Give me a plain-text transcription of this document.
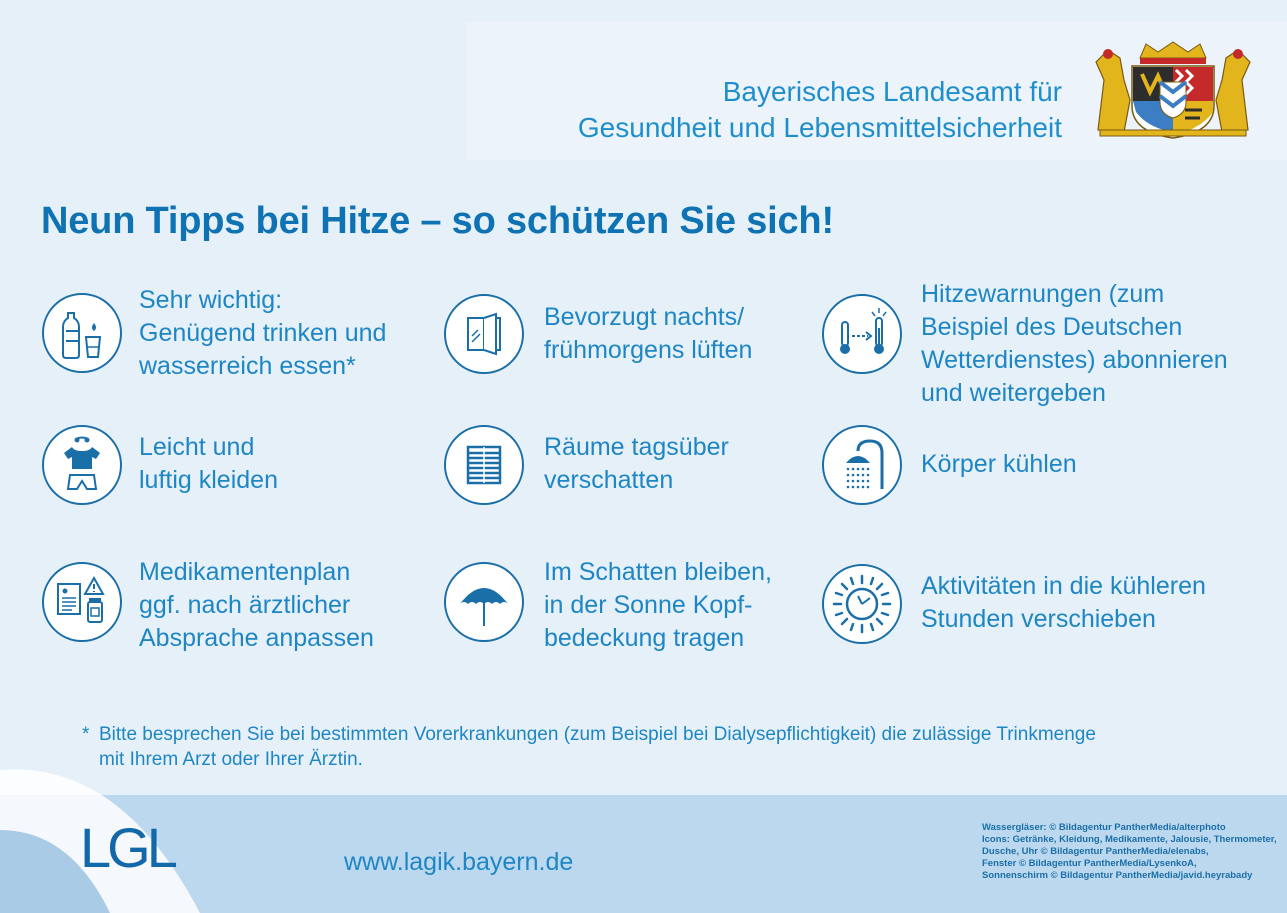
Bayerisches Landesamt für
Gesundheit und Lebensmittelsicherheit
Neun Tipps bei Hitze – so schützen Sie sich!
Sehr wichtig:
Genügend trinken und
wasserreich essen*
Bevorzugt nachts/
frühmorgens lüften
Hitzewarnungen (zum
Beispiel des Deutschen
Wetterdienstes) abonnieren
und weitergeben
Leicht und
luftig kleiden
Räume tagsüber
verschatten
Körper kühlen
Medikamentenplan
ggf. nach ärztlicher
Absprache anpassen
Im Schatten bleiben,
in der Sonne Kopf-
bedeckung tragen
Aktivitäten in die kühleren
Stunden verschieben
* Bitte besprechen Sie bei bestimmten Vorerkrankungen (zum Beispiel bei Dialysepflichtigkeit) die zulässige Trinkmenge
mit Ihrem Arzt oder Ihrer Ärztin.
LGL	www.lagik.bayern.de
Wassergläser: © Bildagentur PantherMedia/alterphoto
Icons: Getränke, Kleidung, Medikamente, Jalousie, Thermometer,
Dusche, Uhr © Bildagentur PantherMedia/elenabs,
Fenster © Bildagentur PantherMedia/LysenkoA,
Sonnenschirm © Bildagentur PantherMedia/javid.heyrabady
